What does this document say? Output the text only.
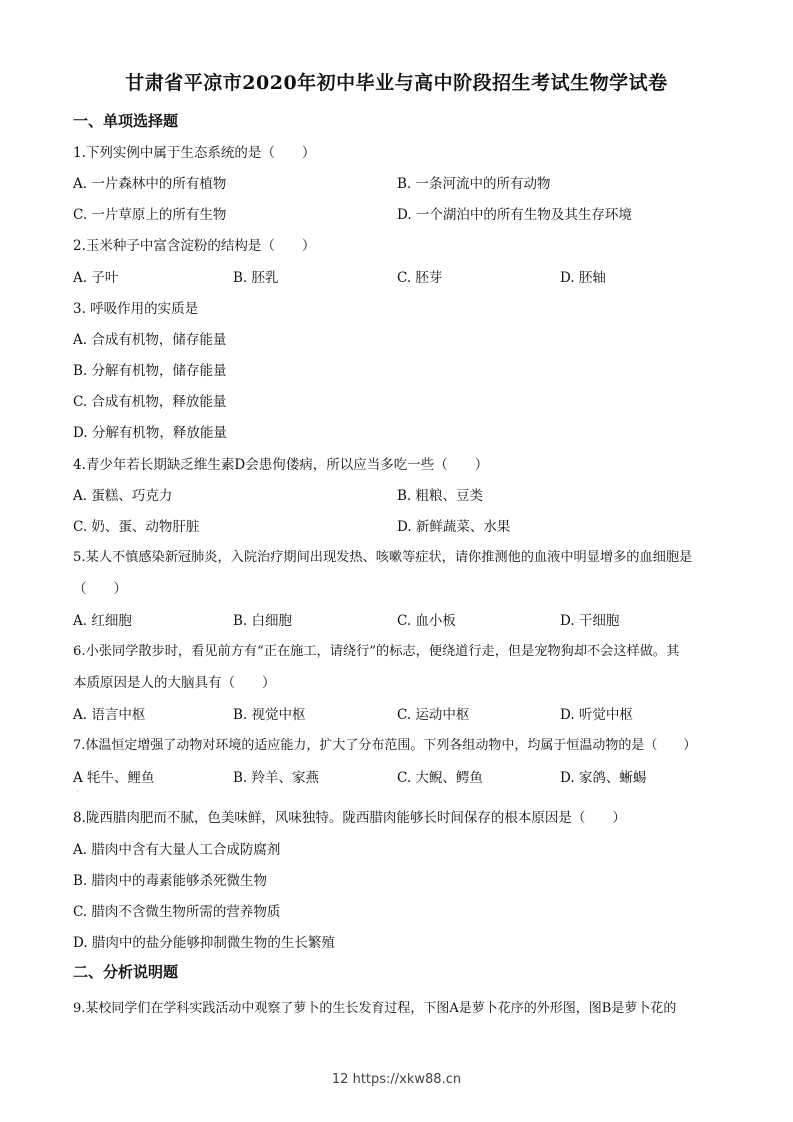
甘肃省平凉市2020年初中毕业与高中阶段招生考试生物学试卷
一、单项选择题
1.下列实例中属于生态系统的是（　　）
A. 一片森林中的所有植物	B. 一条河流中的所有动物
C. 一片草原上的所有生物	D. 一个湖泊中的所有生物及其生存环境
2.玉米种子中富含淀粉的结构是（　　）
A. 子叶	B. 胚乳	C. 胚芽	D. 胚轴
3. 呼吸作用的实质是
A. 合成有机物，储存能量
B. 分解有机物，储存能量
C. 合成有机物，释放能量
D. 分解有机物，释放能量
4.青少年若长期缺乏维生素D会患佝偻病，所以应当多吃一些（　　）
A. 蛋糕、巧克力	B. 粗粮、豆类
C. 奶、蛋、动物肝脏	D. 新鲜蔬菜、水果
5.某人不慎感染新冠肺炎，入院治疗期间出现发热、咳嗽等症状，请你推测他的血液中明显增多的血细胞是
（　　）
A. 红细胞	B. 白细胞	C. 血小板	D. 干细胞
6.小张同学散步时，看见前方有“正在施工，请绕行”的标志，便绕道行走，但是宠物狗却不会这样做。其
本质原因是人的大脑具有（　　）
A. 语言中枢	B. 视觉中枢	C. 运动中枢	D. 听觉中枢
7.体温恒定增强了动物对环境的适应能力，扩大了分布范围。下列各组动物中，均属于恒温动物的是（　　）
A 牦牛、鲤鱼	B. 羚羊、家燕	C. 大鲵、鳄鱼	D. 家鸽、蜥蜴
˙
8.陇西腊肉肥而不腻，色美味鲜，风味独特。陇西腊肉能够长时间保存的根本原因是（　　）
A. 腊肉中含有大量人工合成防腐剂
B. 腊肉中的毒素能够杀死微生物
C. 腊肉不含微生物所需的营养物质
D. 腊肉中的盐分能够抑制微生物的生长繁殖
二、分析说明题
9.某校同学们在学科实践活动中观察了萝卜的生长发育过程，下图A是萝卜花序的外形图，图B是萝卜花的
12 https://xkw88.cn
